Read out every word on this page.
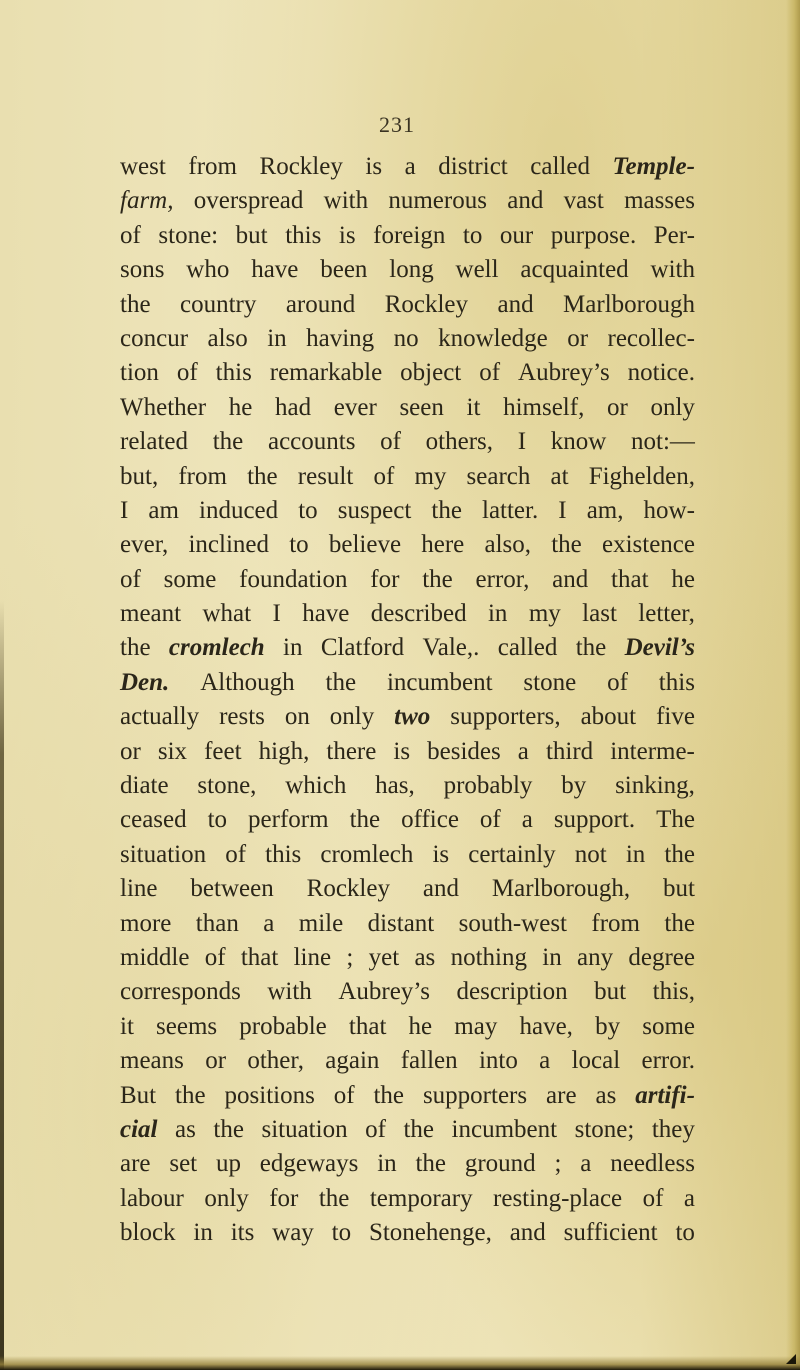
231
west from Rockley is a district called Temple-
farm, overspread with numerous and vast masses
of stone: but this is foreign to our purpose. Per-
sons who have been long well acquainted with
the country around Rockley and Marlborough
concur also in having no knowledge or recollec-
tion of this remarkable object of Aubrey’s notice.
Whether he had ever seen it himself, or only
related the accounts of others, I know not:—
but, from the result of my search at Fighelden,
I am induced to suspect the latter. I am, how-
ever, inclined to believe here also, the existence
of some foundation for the error, and that he
meant what I have described in my last letter,
the cromlech in Clatford Vale,. called the Devil’s
Den. Although the incumbent stone of this
actually rests on only two supporters, about five
or six feet high, there is besides a third interme-
diate stone, which has, probably by sinking,
ceased to perform the office of a support. The
situation of this cromlech is certainly not in the
line between Rockley and Marlborough, but
more than a mile distant south-west from the
middle of that line ; yet as nothing in any degree
corresponds with Aubrey’s description but this,
it seems probable that he may have, by some
means or other, again fallen into a local error.
But the positions of the supporters are as artifi-
cial as the situation of the incumbent stone; they
are set up edgeways in the ground ; a needless
labour only for the temporary resting-place of a
block in its way to Stonehenge, and sufficient to
